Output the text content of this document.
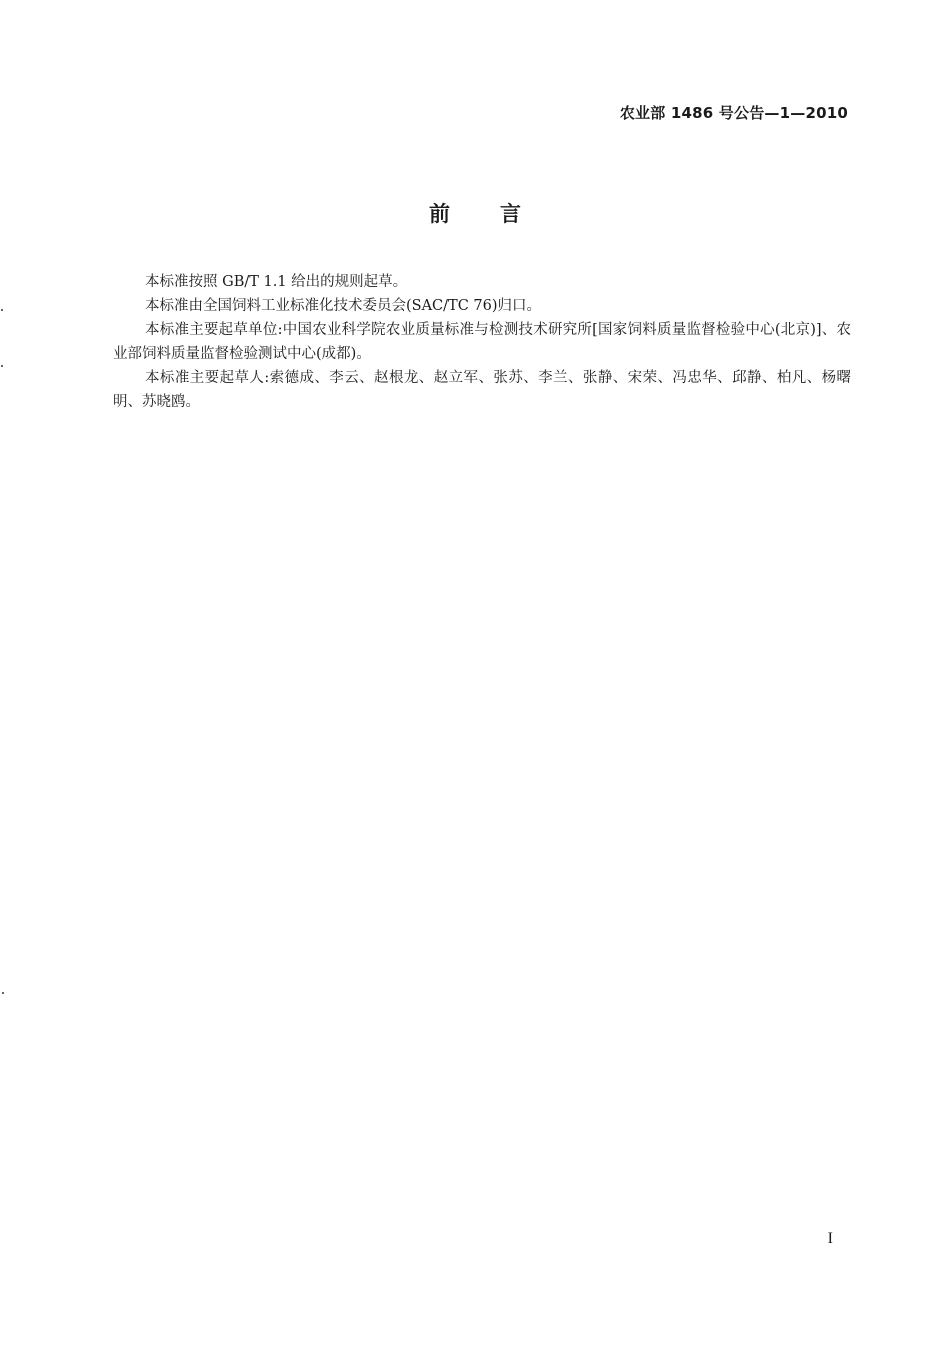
农业部 1486 号公告—1—2010
前言

本标准按照 GB/T 1.1 给出的规则起草。

本标准由全国饲料工业标准化技术委员会(SAC/TC 76)归口。

本标准主要起草单位:中国农业科学院农业质量标准与检测技术研究所[国家饲料质量监督检验中心(北京)]、农业部饲料质量监督检验测试中心(成都)。

本标准主要起草人:索德成、李云、赵根龙、赵立军、张苏、李兰、张静、宋荣、冯忠华、邱静、柏凡、杨曙明、苏晓鸥。

I
